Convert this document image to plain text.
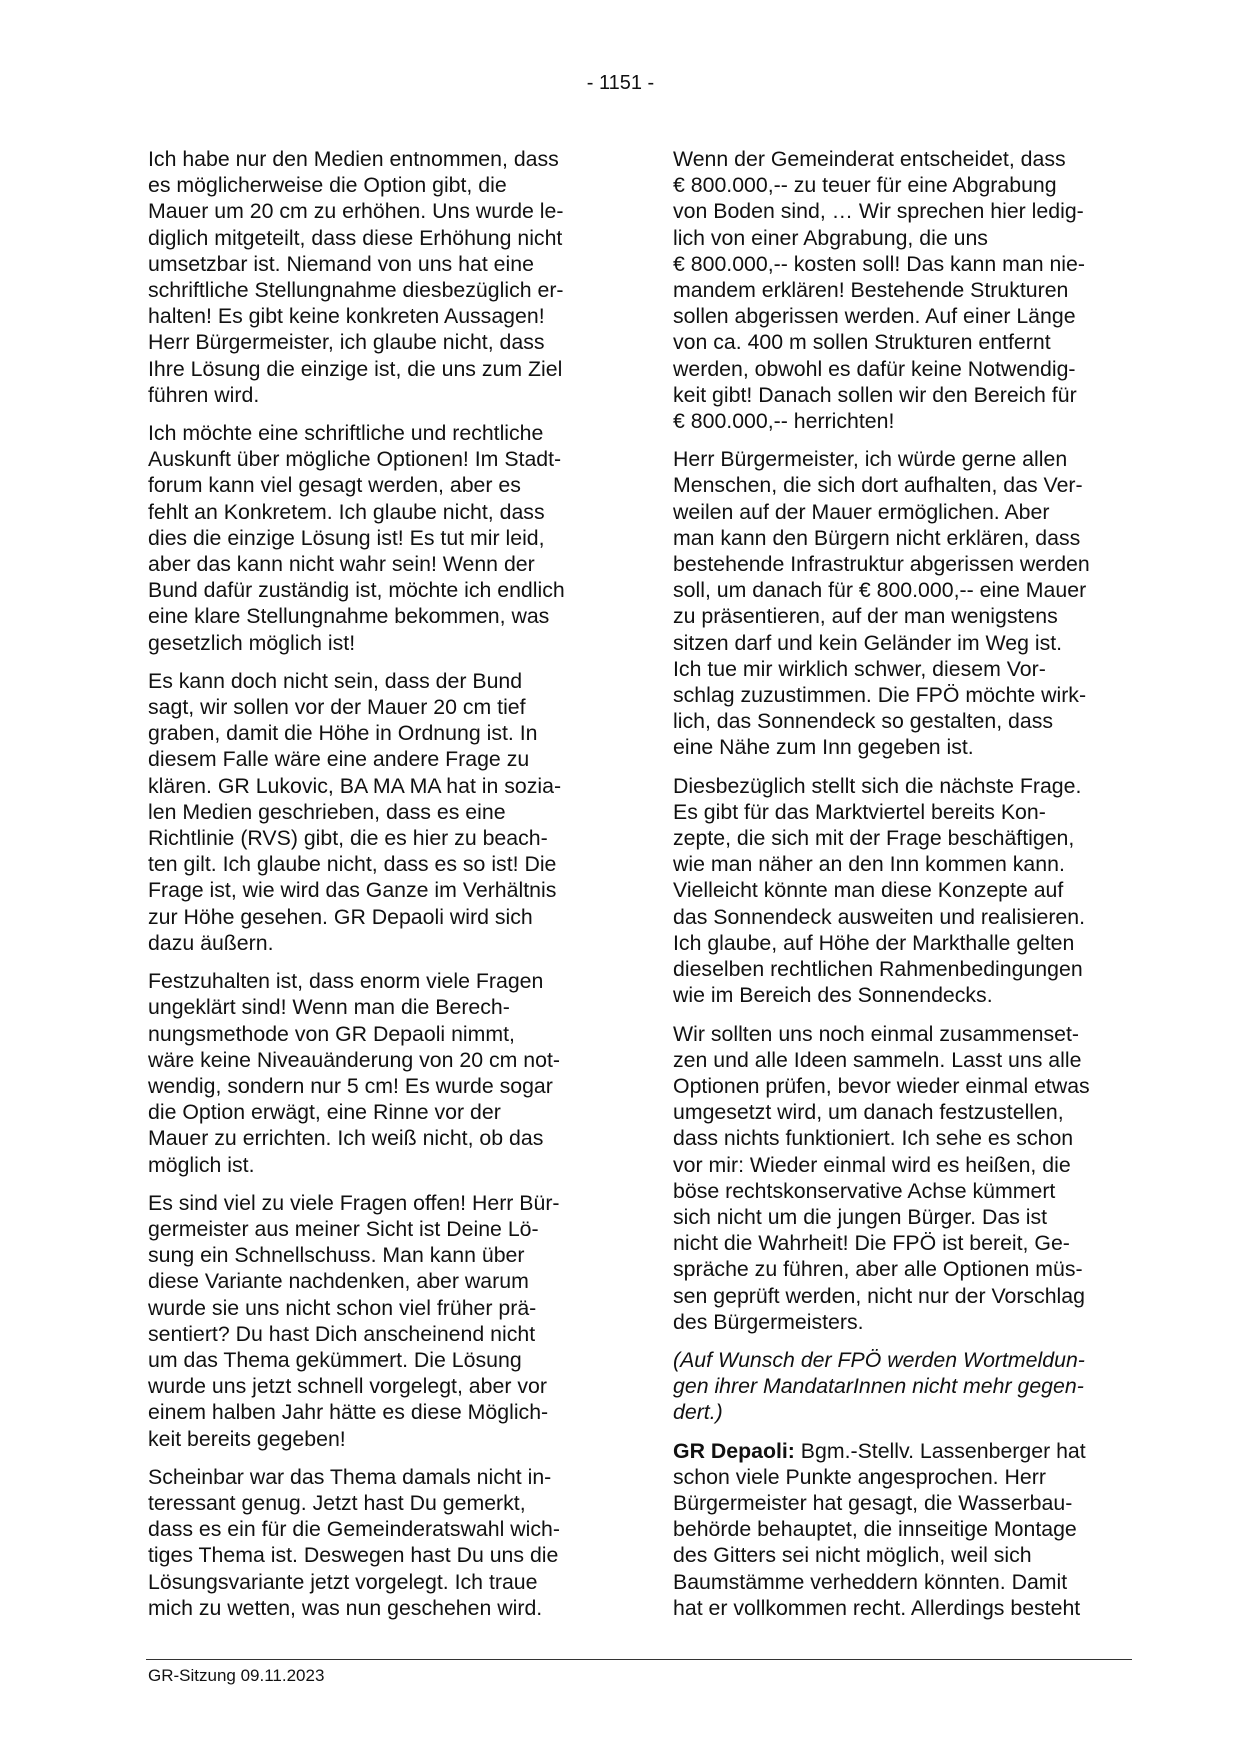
- 1151 -

Ich habe nur den Medien entnommen, dass
es möglicherweise die Option gibt, die
Mauer um 20 cm zu erhöhen. Uns wurde le-
diglich mitgeteilt, dass diese Erhöhung nicht
umsetzbar ist. Niemand von uns hat eine
schriftliche Stellungnahme diesbezüglich er-
halten! Es gibt keine konkreten Aussagen!
Herr Bürgermeister, ich glaube nicht, dass
Ihre Lösung die einzige ist, die uns zum Ziel
führen wird.

Ich möchte eine schriftliche und rechtliche
Auskunft über mögliche Optionen! Im Stadt-
forum kann viel gesagt werden, aber es
fehlt an Konkretem. Ich glaube nicht, dass
dies die einzige Lösung ist! Es tut mir leid,
aber das kann nicht wahr sein! Wenn der
Bund dafür zuständig ist, möchte ich endlich
eine klare Stellungnahme bekommen, was
gesetzlich möglich ist!

Es kann doch nicht sein, dass der Bund
sagt, wir sollen vor der Mauer 20 cm tief
graben, damit die Höhe in Ordnung ist. In
diesem Falle wäre eine andere Frage zu
klären. GR Lukovic, BA MA MA hat in sozia-
len Medien geschrieben, dass es eine
Richtlinie (RVS) gibt, die es hier zu beach-
ten gilt. Ich glaube nicht, dass es so ist! Die
Frage ist, wie wird das Ganze im Verhältnis
zur Höhe gesehen. GR Depaoli wird sich
dazu äußern.

Festzuhalten ist, dass enorm viele Fragen
ungeklärt sind! Wenn man die Berech-
nungsmethode von GR Depaoli nimmt,
wäre keine Niveauänderung von 20 cm not-
wendig, sondern nur 5 cm! Es wurde sogar
die Option erwägt, eine Rinne vor der
Mauer zu errichten. Ich weiß nicht, ob das
möglich ist.

Es sind viel zu viele Fragen offen! Herr Bür-
germeister aus meiner Sicht ist Deine Lö-
sung ein Schnellschuss. Man kann über
diese Variante nachdenken, aber warum
wurde sie uns nicht schon viel früher prä-
sentiert? Du hast Dich anscheinend nicht
um das Thema gekümmert. Die Lösung
wurde uns jetzt schnell vorgelegt, aber vor
einem halben Jahr hätte es diese Möglich-
keit bereits gegeben!

Scheinbar war das Thema damals nicht in-
teressant genug. Jetzt hast Du gemerkt,
dass es ein für die Gemeinderatswahl wich-
tiges Thema ist. Deswegen hast Du uns die
Lösungsvariante jetzt vorgelegt. Ich traue
mich zu wetten, was nun geschehen wird.

Wenn der Gemeinderat entscheidet, dass
€ 800.000,-- zu teuer für eine Abgrabung
von Boden sind, … Wir sprechen hier ledig-
lich von einer Abgrabung, die uns
€ 800.000,-- kosten soll! Das kann man nie-
mandem erklären! Bestehende Strukturen
sollen abgerissen werden. Auf einer Länge
von ca. 400 m sollen Strukturen entfernt
werden, obwohl es dafür keine Notwendig-
keit gibt! Danach sollen wir den Bereich für
€ 800.000,-- herrichten!

Herr Bürgermeister, ich würde gerne allen
Menschen, die sich dort aufhalten, das Ver-
weilen auf der Mauer ermöglichen. Aber
man kann den Bürgern nicht erklären, dass
bestehende Infrastruktur abgerissen werden
soll, um danach für € 800.000,-- eine Mauer
zu präsentieren, auf der man wenigstens
sitzen darf und kein Geländer im Weg ist.
Ich tue mir wirklich schwer, diesem Vor-
schlag zuzustimmen. Die FPÖ möchte wirk-
lich, das Sonnendeck so gestalten, dass
eine Nähe zum Inn gegeben ist.

Diesbezüglich stellt sich die nächste Frage.
Es gibt für das Marktviertel bereits Kon-
zepte, die sich mit der Frage beschäftigen,
wie man näher an den Inn kommen kann.
Vielleicht könnte man diese Konzepte auf
das Sonnendeck ausweiten und realisieren.
Ich glaube, auf Höhe der Markthalle gelten
dieselben rechtlichen Rahmenbedingungen
wie im Bereich des Sonnendecks.

Wir sollten uns noch einmal zusammenset-
zen und alle Ideen sammeln. Lasst uns alle
Optionen prüfen, bevor wieder einmal etwas
umgesetzt wird, um danach festzustellen,
dass nichts funktioniert. Ich sehe es schon
vor mir: Wieder einmal wird es heißen, die
böse rechtskonservative Achse kümmert
sich nicht um die jungen Bürger. Das ist
nicht die Wahrheit! Die FPÖ ist bereit, Ge-
spräche zu führen, aber alle Optionen müs-
sen geprüft werden, nicht nur der Vorschlag
des Bürgermeisters.

(Auf Wunsch der FPÖ werden Wortmeldun-
gen ihrer MandatarInnen nicht mehr gegen-
dert.)

GR Depaoli: Bgm.-Stellv. Lassenberger hat
schon viele Punkte angesprochen. Herr
Bürgermeister hat gesagt, die Wasserbau-
behörde behauptet, die innseitige Montage
des Gitters sei nicht möglich, weil sich
Baumstämme verheddern könnten. Damit
hat er vollkommen recht. Allerdings besteht

GR-Sitzung 09.11.2023
